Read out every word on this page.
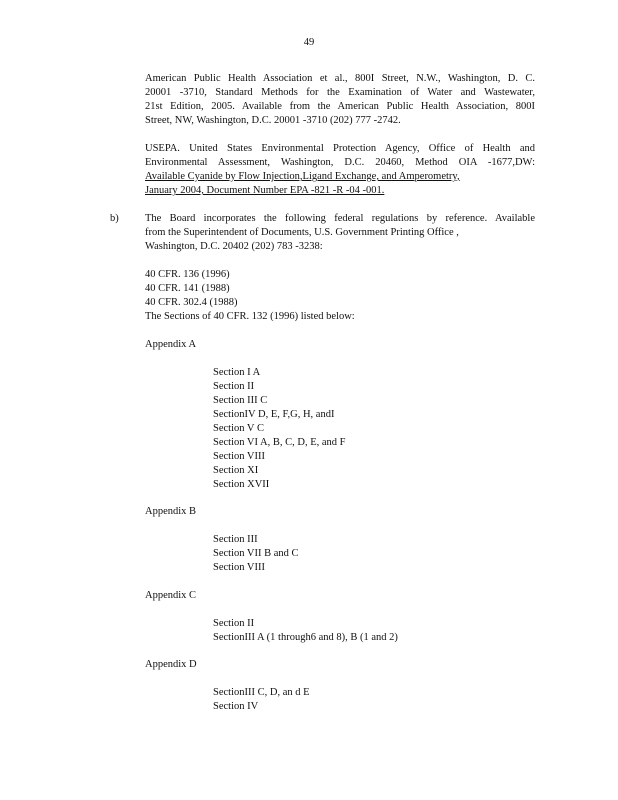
49
American Public Health Association et al., 800I Street, N.W., Washington, D. C.
20001 -3710, Standard Methods for the Examination of Water and Wastewater,
21st Edition, 2005. Available from the American Public Health Association, 800I
Street, NW, Washington, D.C. 20001 -3710 (202) 777 -2742.
USEPA. United States Environmental Protection Agency, Office of Health and
Environmental Assessment, Washington, D.C. 20460, Method OIA -1677,DW:
Available Cyanide by Flow Injection,Ligand Exchange, and Amperometry,
January 2004, Document Number EPA -821 -R -04 -001.
b)	The Board incorporates the following federal regulations by reference. Available
from the Superintendent of Documents, U.S. Government Printing Office ,
Washington, D.C. 20402 (202) 783 -3238:
40 CFR. 136 (1996)
40 CFR. 141 (1988)
40 CFR. 302.4 (1988)
The Sections of 40 CFR. 132 (1996) listed below:
Appendix A
Section I A
Section II
Section III C
SectionIV D, E, F,G, H, andI
Section V C
Section VI A, B, C, D, E, and F
Section VIII
Section XI
Section XVII
Appendix B
Section III
Section VII B and C
Section VIII
Appendix C
Section II
SectionIII A (1 through6 and 8), B (1 and 2)
Appendix D
SectionIII C, D, an d E
Section IV
